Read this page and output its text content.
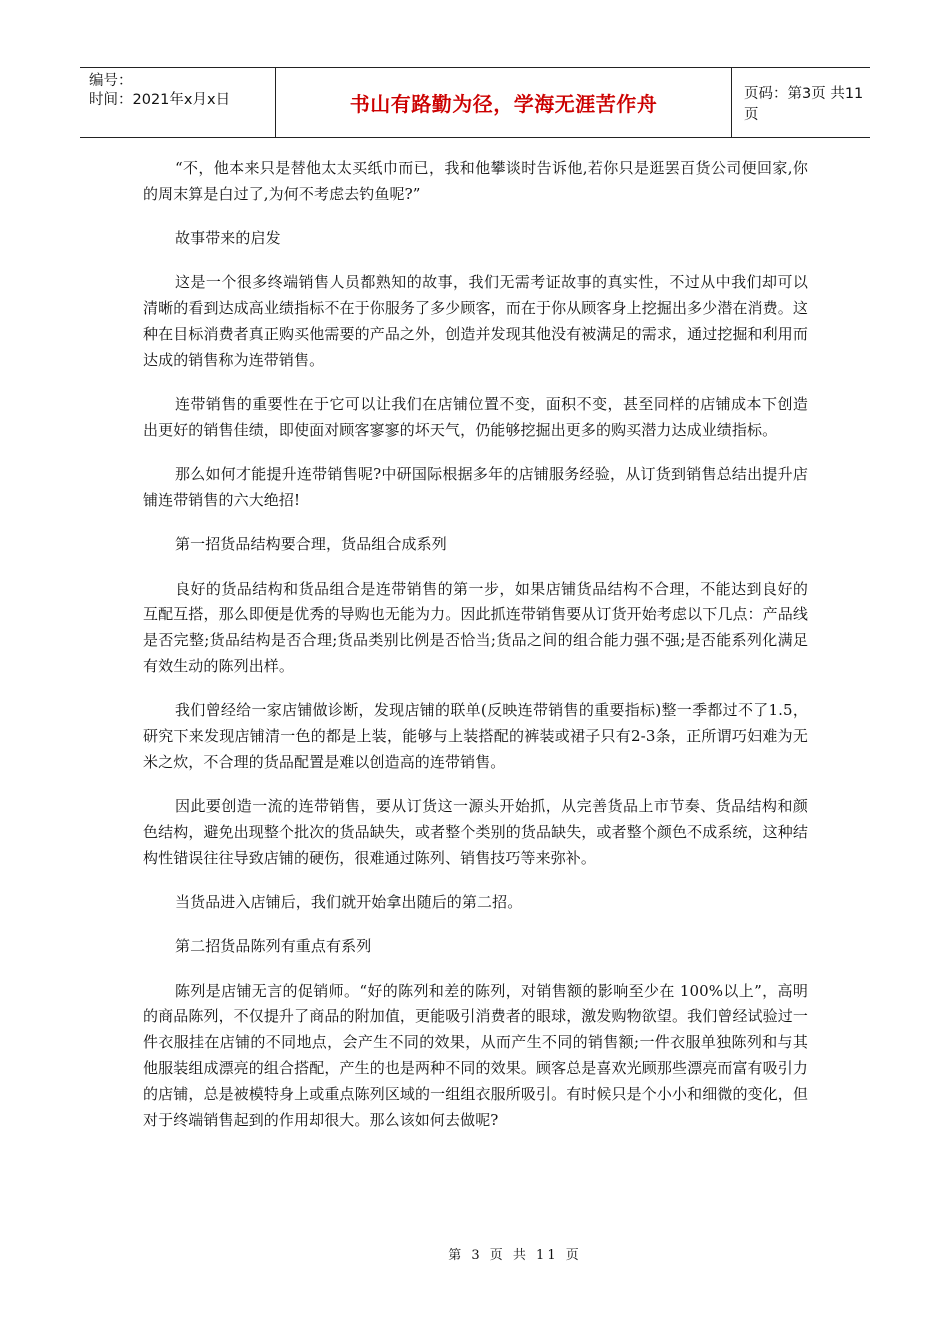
编号：
时间：2021年x月x日	书山有路勤为径，学海无涯苦作舟	页码：第3页 共11页

“不，他本来只是替他太太买纸巾而已，我和他攀谈时告诉他,若你只是逛罢百货公司便回家,你的周末算是白过了,为何不考虑去钓鱼呢?”

故事带来的启发

这是一个很多终端销售人员都熟知的故事，我们无需考证故事的真实性，不过从中我们却可以清晰的看到达成高业绩指标不在于你服务了多少顾客，而在于你从顾客身上挖掘出多少潜在消费。这种在目标消费者真正购买他需要的产品之外，创造并发现其他没有被满足的需求，通过挖掘和利用而达成的销售称为连带销售。

连带销售的重要性在于它可以让我们在店铺位置不变，面积不变，甚至同样的店铺成本下创造出更好的销售佳绩，即使面对顾客寥寥的坏天气，仍能够挖掘出更多的购买潜力达成业绩指标。

那么如何才能提升连带销售呢?中研国际根据多年的店铺服务经验，从订货到销售总结出提升店铺连带销售的六大绝招!

第一招货品结构要合理，货品组合成系列

良好的货品结构和货品组合是连带销售的第一步，如果店铺货品结构不合理，不能达到良好的互配互搭，那么即便是优秀的导购也无能为力。因此抓连带销售要从订货开始考虑以下几点：产品线是否完整;货品结构是否合理;货品类别比例是否恰当;货品之间的组合能力强不强;是否能系列化满足有效生动的陈列出样。

我们曾经给一家店铺做诊断，发现店铺的联单(反映连带销售的重要指标)整一季都过不了1.5，研究下来发现店铺清一色的都是上装，能够与上装搭配的裤装或裙子只有2-3条，正所谓巧妇难为无米之炊，不合理的货品配置是难以创造高的连带销售。

因此要创造一流的连带销售，要从订货这一源头开始抓，从完善货品上市节奏、货品结构和颜色结构，避免出现整个批次的货品缺失，或者整个类别的货品缺失，或者整个颜色不成系统，这种结构性错误往往导致店铺的硬伤，很难通过陈列、销售技巧等来弥补。

当货品进入店铺后，我们就开始拿出随后的第二招。

第二招货品陈列有重点有系列

陈列是店铺无言的促销师。“好的陈列和差的陈列，对销售额的影响至少在 100%以上”，高明的商品陈列，不仅提升了商品的附加值，更能吸引消费者的眼球，激发购物欲望。我们曾经试验过一件衣服挂在店铺的不同地点，会产生不同的效果，从而产生不同的销售额;一件衣服单独陈列和与其他服装组成漂亮的组合搭配，产生的也是两种不同的效果。顾客总是喜欢光顾那些漂亮而富有吸引力的店铺，总是被模特身上或重点陈列区域的一组组衣服所吸引。有时候只是个小小和细微的变化，但对于终端销售起到的作用却很大。那么该如何去做呢?

第 3 页 共 11 页
